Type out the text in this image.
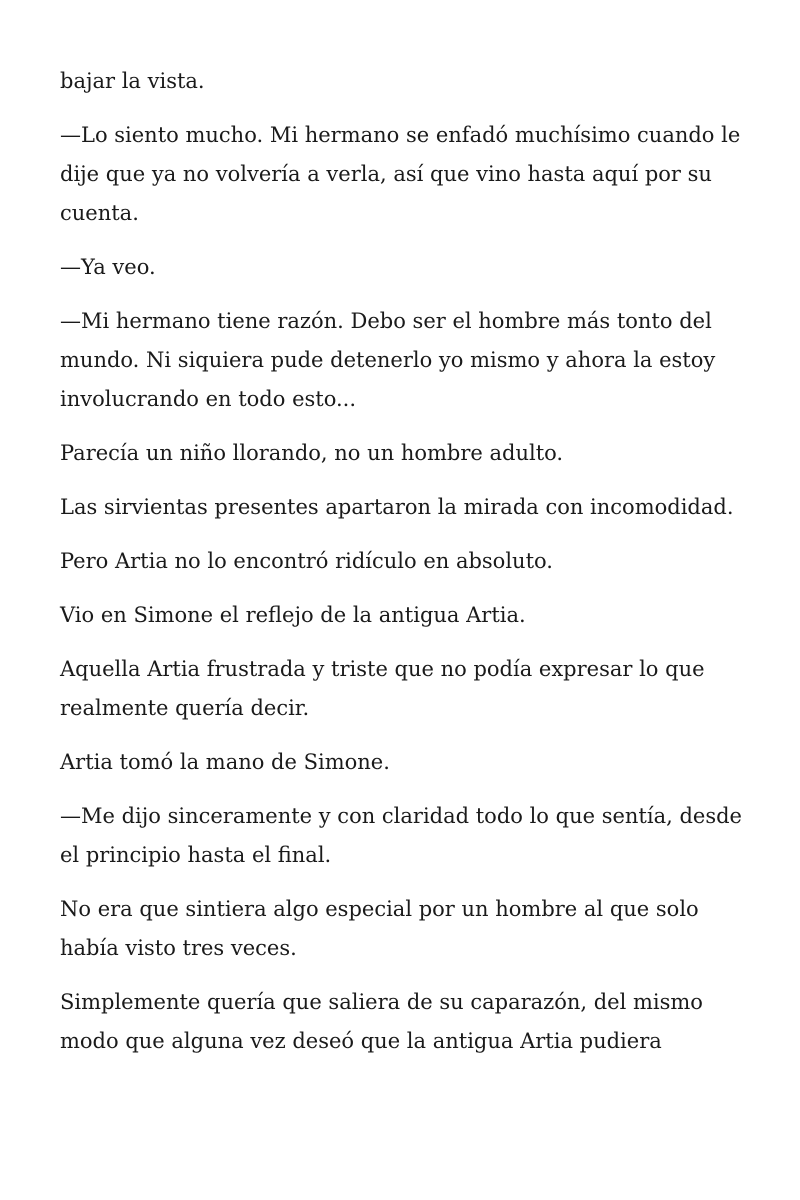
bajar la vista.

—Lo siento mucho. Mi hermano se enfadó muchísimo cuando le dije que ya no volvería a verla, así que vino hasta aquí por su cuenta.

—Ya veo.

—Mi hermano tiene razón. Debo ser el hombre más tonto del mundo. Ni siquiera pude detenerlo yo mismo y ahora la estoy involucrando en todo esto...

Parecía un niño llorando, no un hombre adulto.

Las sirvientas presentes apartaron la mirada con incomodidad.

Pero Artia no lo encontró ridículo en absoluto.

Vio en Simone el reflejo de la antigua Artia.

Aquella Artia frustrada y triste que no podía expresar lo que realmente quería decir.

Artia tomó la mano de Simone.

—Me dijo sinceramente y con claridad todo lo que sentía, desde el principio hasta el final.

No era que sintiera algo especial por un hombre al que solo había visto tres veces.

Simplemente quería que saliera de su caparazón, del mismo modo que alguna vez deseó que la antigua Artia pudiera
